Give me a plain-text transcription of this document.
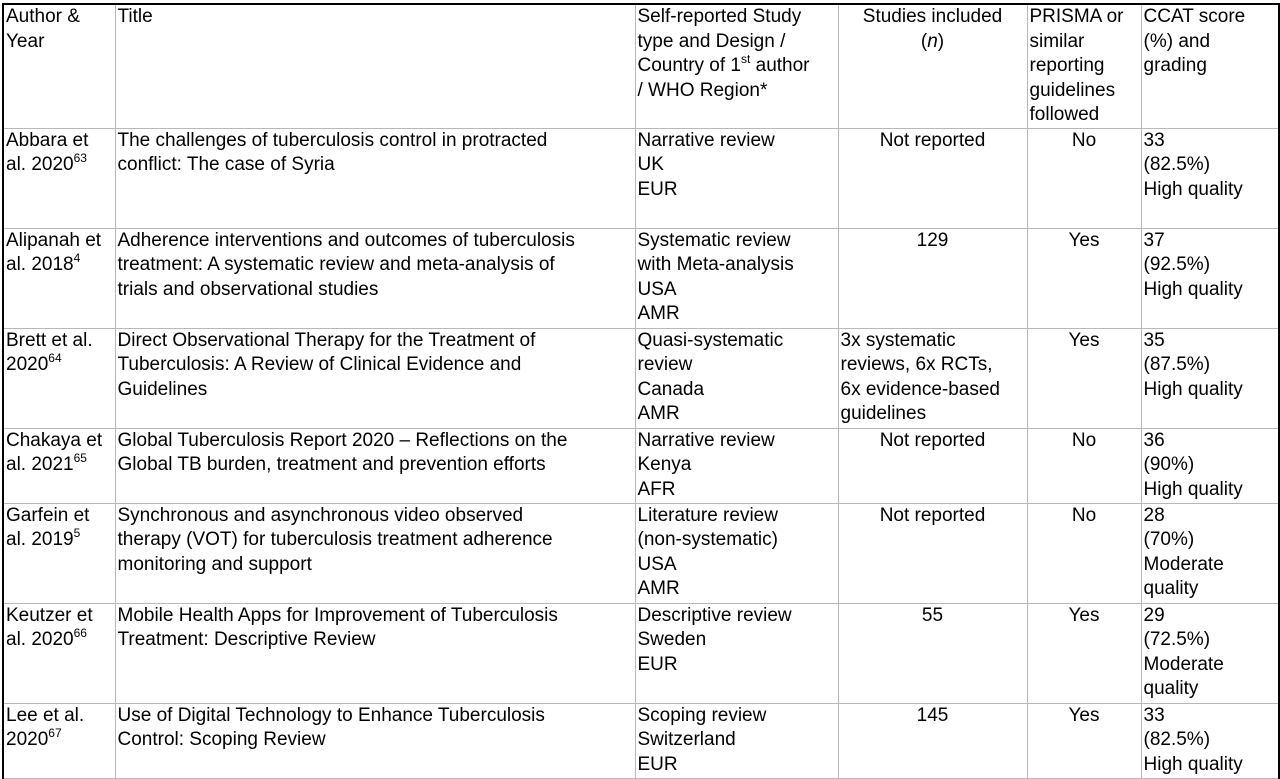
Author &
Year	Title	Self-reported Study
type and Design /
Country of 1st author
/ WHO Region*	Studies included
(n)	PRISMA or
similar
reporting
guidelines
followed	CCAT score
(%) and
grading

Abbara et
al. 2020$^{63}$	The challenges of tuberculosis control in protracted
conflict: The case of Syria	Narrative review
UK
EUR	Not reported	No	33
(82.5%)
High quality

Alipanah et
al. 2018$^4$	Adherence interventions and outcomes of tuberculosis
treatment: A systematic review and meta-analysis of
trials and observational studies	Systematic review
with Meta-analysis
USA
AMR	129	Yes	37
(92.5%)
High quality

Brett et al.
2020$^{64}$	Direct Observational Therapy for the Treatment of
Tuberculosis: A Review of Clinical Evidence and
Guidelines	Quasi-systematic
review
Canada
AMR	3x systematic
reviews, 6x RCTs,
6x evidence-based
guidelines	Yes	35
(87.5%)
High quality

Chakaya et
al. 2021$^{65}$	Global Tuberculosis Report 2020 – Reflections on the
Global TB burden, treatment and prevention efforts	Narrative review
Kenya
AFR	Not reported	No	36
(90%)
High quality

Garfein et
al. 2019$^5$	Synchronous and asynchronous video observed
therapy (VOT) for tuberculosis treatment adherence
monitoring and support	Literature review
(non-systematic)
USA
AMR	Not reported	No	28
(70%)
Moderate
quality

Keutzer et
al. 2020$^{66}$	Mobile Health Apps for Improvement of Tuberculosis
Treatment: Descriptive Review	Descriptive review
Sweden
EUR	55	Yes	29
(72.5%)
Moderate
quality

Lee et al.
2020$^{67}$	Use of Digital Technology to Enhance Tuberculosis
Control: Scoping Review	Scoping review
Switzerland
EUR	145	Yes	33
(82.5%)
High quality
